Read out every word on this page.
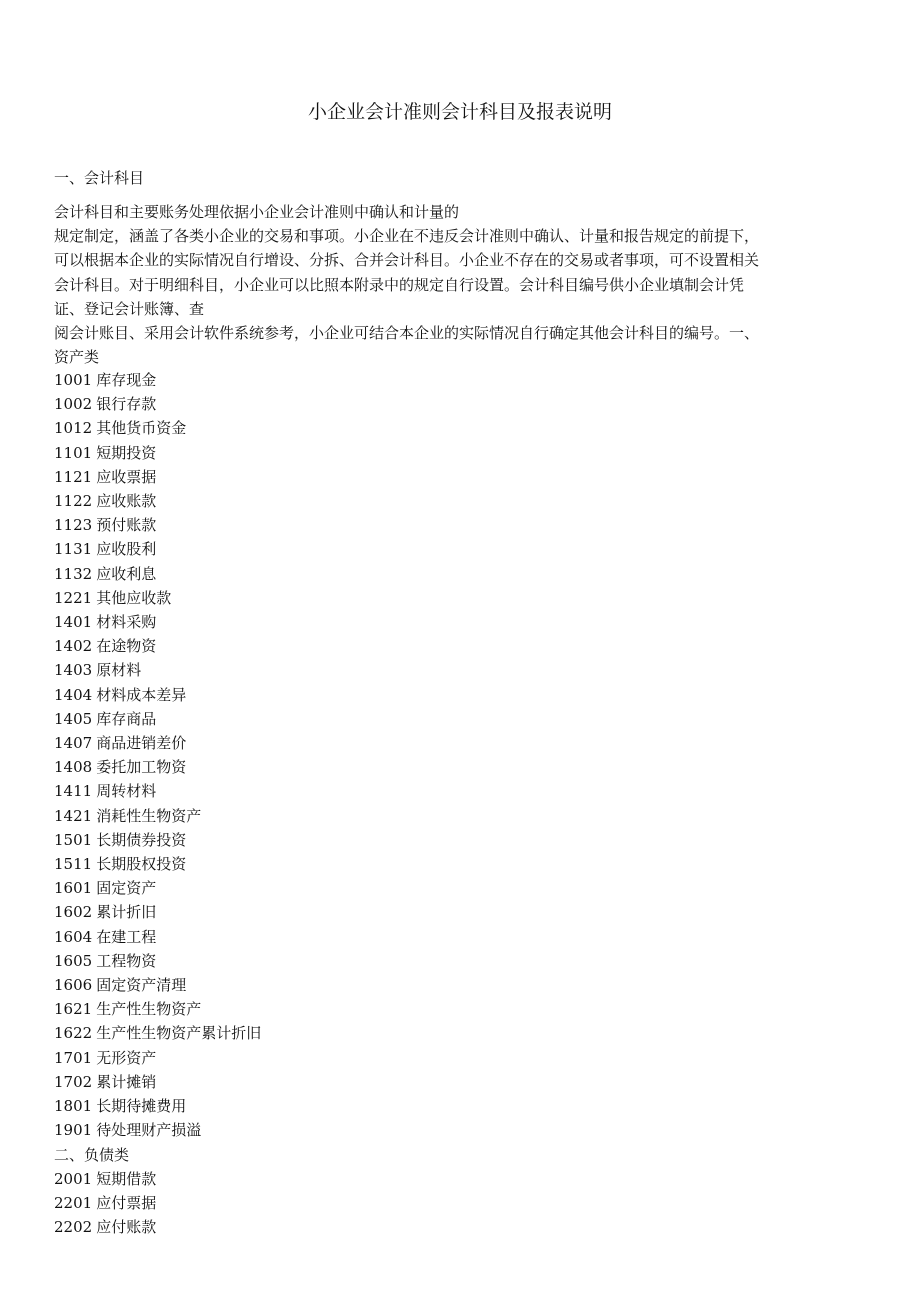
小企业会计准则会计科目及报表说明
一、会计科目
会计科目和主要账务处理依据小企业会计准则中确认和计量的
规定制定，涵盖了各类小企业的交易和事项。小企业在不违反会计准则中确认、计量和报告规定的前提下，
可以根据本企业的实际情况自行增设、分拆、合并会计科目。小企业不存在的交易或者事项，可不设置相关
会计科目。对于明细科目，小企业可以比照本附录中的规定自行设置。会计科目编号供小企业填制会计凭
证、登记会计账簿、查
阅会计账目、采用会计软件系统参考，小企业可结合本企业的实际情况自行确定其他会计科目的编号。一、
资产类
1001 库存现金
1002 银行存款
1012 其他货币资金
1101 短期投资
1121 应收票据
1122 应收账款
1123 预付账款
1131 应收股利
1132 应收利息
1221 其他应收款
1401 材料采购
1402 在途物资
1403 原材料
1404 材料成本差异
1405 库存商品
1407 商品进销差价
1408 委托加工物资
1411 周转材料
1421 消耗性生物资产
1501 长期债券投资
1511 长期股权投资
1601 固定资产
1602 累计折旧
1604 在建工程
1605 工程物资
1606 固定资产清理
1621 生产性生物资产
1622 生产性生物资产累计折旧
1701 无形资产
1702 累计摊销
1801 长期待摊费用
1901 待处理财产损溢
二、负债类
2001 短期借款
2201 应付票据
2202 应付账款
